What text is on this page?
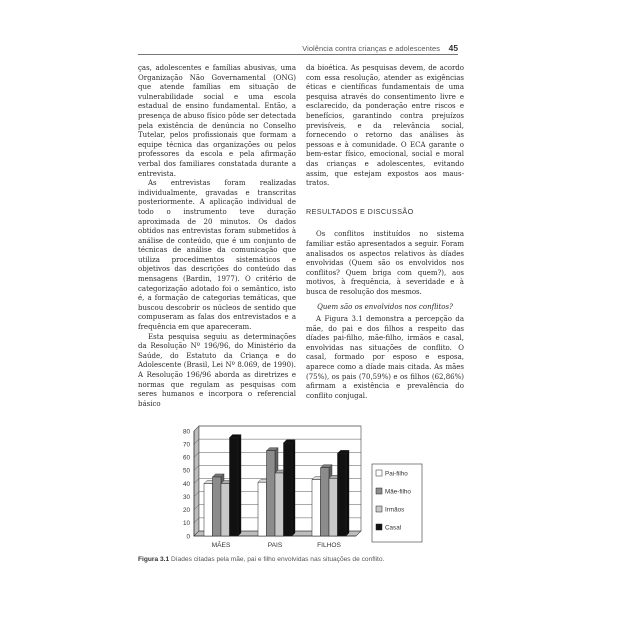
Violência contra crianças e adolescentes 45

ças, adolescentes e famílias abusivas, uma Organização Não Governamental (ONG) que atende famílias em situação de vulnerabilidade social e uma escola estadual de ensino fundamental. Então, a presença de abuso físico pôde ser detectada pela existência de denúncia no Conselho Tutelar, pelos profissionais que formam a equipe técnica das organizações ou pelos professores da escola e pela afirmação verbal dos familiares constatada durante a entrevista.

As entrevistas foram realizadas individualmente, gravadas e transcritas posteriormente. A aplicação individual de todo o instrumento teve duração aproximada de 20 minutos. Os dados obtidos nas entrevistas foram submetidos à análise de conteúdo, que é um conjunto de técnicas de análise da comunicação que utiliza procedimentos sistemáticos e objetivos das descrições do conteúdo das mensagens (Bardin, 1977). O critério de categorização adotado foi o semântico, isto é, a formação de categorias temáticas, que buscou descobrir os núcleos de sentido que compuseram as falas dos entrevistados e a frequência em que apareceram.

Esta pesquisa seguiu as determinações da Resolução Nº 196/96, do Ministério da Saúde, do Estatuto da Criança e do Adolescente (Brasil, Lei Nº 8.069, de 1990). A Resolução 196/96 aborda as diretrizes e normas que regulam as pesquisas com seres humanos e incorpora o referencial básico

da bioética. As pesquisas devem, de acordo com essa resolução, atender as exigências éticas e científicas fundamentais de uma pesquisa através do consentimento livre e esclarecido, da ponderação entre riscos e benefícios, garantindo contra prejuízos previsíveis, e da relevância social, fornecendo o retorno das análises às pessoas e à comunidade. O ECA garante o bem-estar físico, emocional, social e moral das crianças e adolescentes, evitando assim, que estejam expostos aos maus-tratos.

RESULTADOS E DISCUSSÃO

Os conflitos instituídos no sistema familiar estão apresentados a seguir. Foram analisados os aspectos relativos às díades envolvidas (Quem são os envolvidos nos conflitos? Quem briga com quem?), aos motivos, à frequência, à severidade e à busca de resolução dos mesmos.

Quem são os envolvidos nos conflitos?

A Figura 3.1 demonstra a percepção da mãe, do pai e dos filhos a respeito das díades pai-filho, mãe-filho, irmãos e casal, envolvidas nas situações de conflito. O casal, formado por esposo e esposa, aparece como a díade mais citada. As mães (75%), os pais (70,59%) e os filhos (62,86%) afirmam a existência e prevalência do conflito conjugal.

0
10
20
30
40
50
60
70
80
MÃES	PAIS	FILHOS
Pai-filho
Mãe-filho
Irmãos
Casal
Figura 3.1 Díades citadas pela mãe, pai e filho envolvidas nas situações de conflito.
